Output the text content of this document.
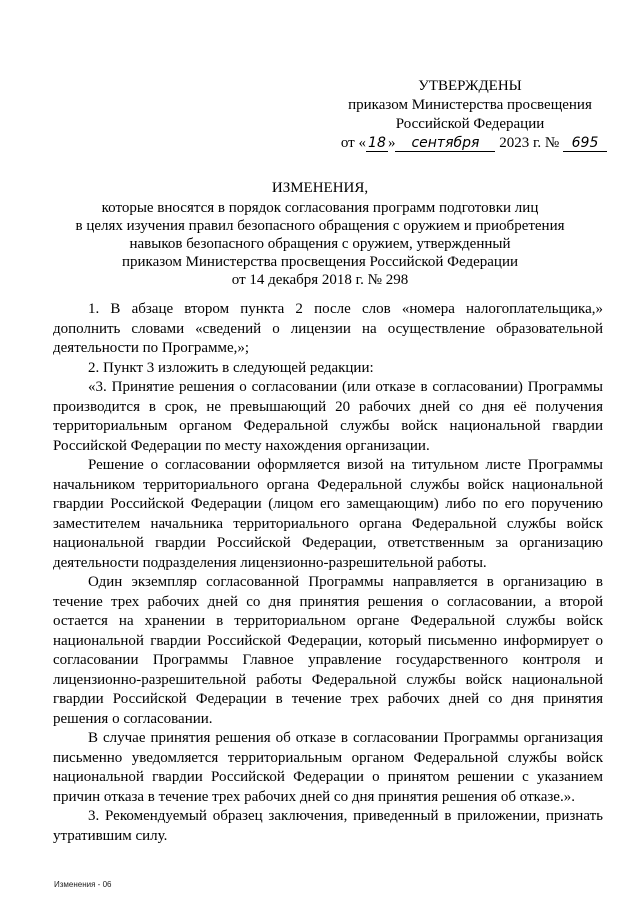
УТВЕРЖДЕНЫ
приказом Министерства просвещения
Российской Федерации
от « 18 » сентября 2023 г. № 695
ИЗМЕНЕНИЯ,
которые вносятся в порядок согласования программ подготовки лиц
в целях изучения правил безопасного обращения с оружием и приобретения
навыков безопасного обращения с оружием, утвержденный
приказом Министерства просвещения Российской Федерации
от 14 декабря 2018 г. № 298

1. В абзаце втором пункта 2 после слов «номера налогоплательщика,» дополнить словами «сведений о лицензии на осуществление образовательной деятельности по Программе,»;

2. Пункт 3 изложить в следующей редакции:

«3. Принятие решения о согласовании (или отказе в согласовании) Программы производится в срок, не превышающий 20 рабочих дней со дня её получения территориальным органом Федеральной службы войск национальной гвардии Российской Федерации по месту нахождения организации.

Решение о согласовании оформляется визой на титульном листе Программы начальником территориального органа Федеральной службы войск национальной гвардии Российской Федерации (лицом его замещающим) либо по его поручению заместителем начальника территориального органа Федеральной службы войск национальной гвардии Российской Федерации, ответственным за организацию деятельности подразделения лицензионно-разрешительной работы.

Один экземпляр согласованной Программы направляется в организацию в течение трех рабочих дней со дня принятия решения о согласовании, а второй остается на хранении в территориальном органе Федеральной службы войск национальной гвардии Российской Федерации, который письменно информирует о согласовании Программы Главное управление государственного контроля и лицензионно-разрешительной работы Федеральной службы войск национальной гвардии Российской Федерации в течение трех рабочих дней со дня принятия решения о согласовании.

В случае принятия решения об отказе в согласовании Программы организация письменно уведомляется территориальным органом Федеральной службы войск национальной гвардии Российской Федерации о принятом решении с указанием причин отказа в течение трех рабочих дней со дня принятия решения об отказе.».

3. Рекомендуемый образец заключения, приведенный в приложении, признать утратившим силу.

Изменения - 06
